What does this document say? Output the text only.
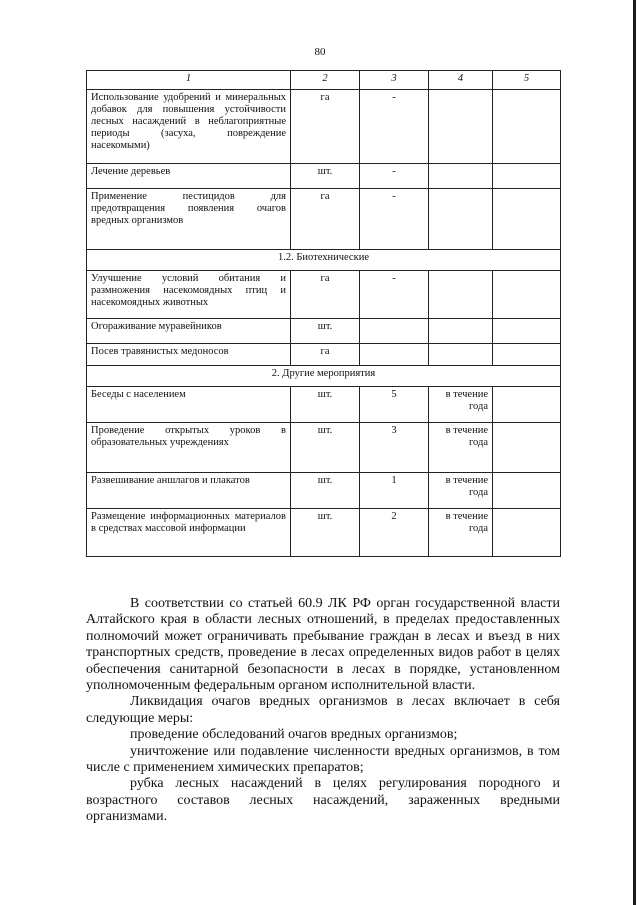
80
1	2	3	4	5
Использование удобрений и минеральных добавок для повышения устойчивости лесных насаждений в неблагоприятные периоды (засуха, повреждение насекомыми)	га	-		
Лечение деревьев	шт.	-		
Применение пестицидов для предотвращения появления очагов вредных организмов	га	-		
1.2. Биотехнические				
Улучшение условий обитания и размножения насекомоядных птиц и насекомоядных животных	га	-		
Огораживание муравейников	шт.			
Посев травянистых медоносов	га			
2. Другие мероприятия				
Беседы с населением	шт.	5	в течение года	
Проведение открытых уроков в образовательных учреждениях	шт.	3	в течение года	
Развешивание аншлагов и плакатов	шт.	1	в течение года	
Размещение информационных материалов в средствах массовой информации	шт.	2	в течение года	

В соответствии со статьей 60.9 ЛК РФ орган государственной власти Алтайского края в области лесных отношений, в пределах предоставленных полномочий может ограничивать пребывание граждан в лесах и въезд в них транспортных средств, проведение в лесах определенных видов работ в целях обеспечения санитарной безопасности в лесах в порядке, установленном уполномоченным федеральным органом исполнительной власти.

Ликвидация очагов вредных организмов в лесах включает в себя следующие меры:

проведение обследований очагов вредных организмов;

уничтожение или подавление численности вредных организмов, в том числе с применением химических препаратов;

рубка лесных насаждений в целях регулирования породного и возрастного составов лесных насаждений, зараженных вредными организмами.
